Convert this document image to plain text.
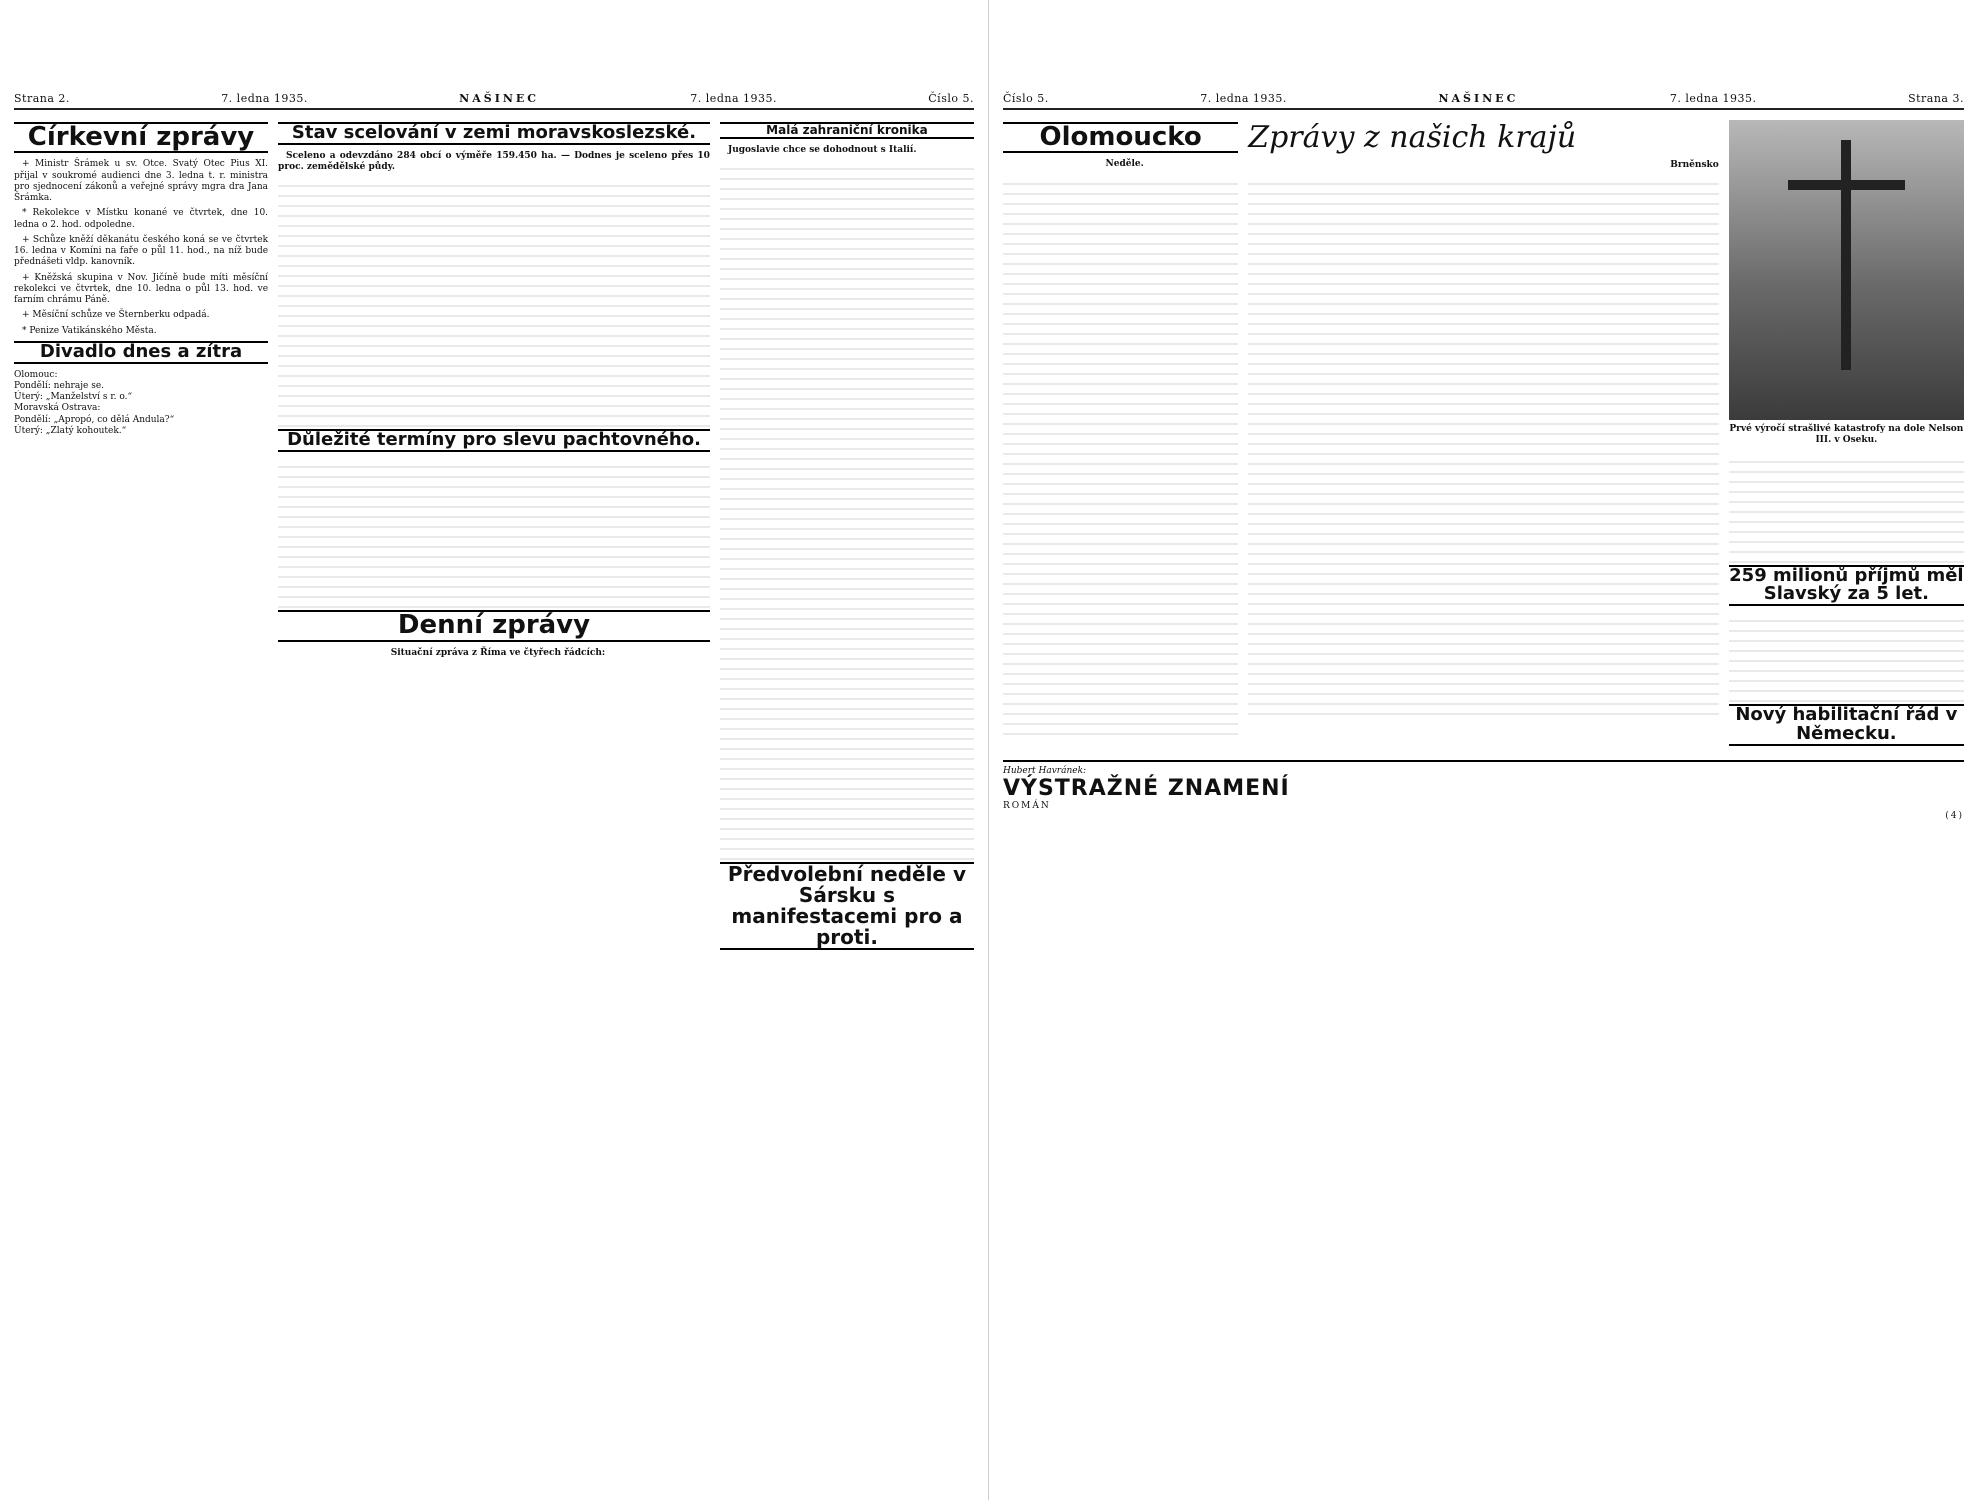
Strana 2.	7. ledna 1935.	NAŠINEC	7. ledna 1935.	Číslo 5.
Církevní zprávy

+ Ministr Šrámek u sv. Otce. Svatý Otec Pius XI. přijal v soukromé audienci dne 3. ledna t. r. ministra pro sjednocení zákonů a veřejné správy mgra dra Jana Šrámka.

* Rekolekce v Místku konané ve čtvrtek, dne 10. ledna o 2. hod. odpoledne.

+ Schůze kněží děkanátu českého koná se ve čtvrtek 16. ledna v Komíni na faře o půl 11. hod., na níž bude přednášeti vldp. kanovník.

+ Kněžská skupina v Nov. Jičíně bude míti měsíční rekolekci ve čtvrtek, dne 10. ledna o půl 13. hod. ve farním chrámu Páně.

+ Měsíční schůze ve Šternberku odpadá.

* Penize Vatikánského Města.

Divadlo dnes a zítra
Olomouc:
Pondělí: nehraje se.
Úterý: „Manželství s r. o.“
Moravská Ostrava:
Pondělí: „Apropó, co dělá Andula?“
Úterý: „Zlatý kohoutek.“
Stav scelování v zemi moravskoslezské.

Sceleno a odevzdáno 284 obcí o výměře 159.450 ha. — Dodnes je sceleno přes 10 proc. zemědělské půdy.

Důležité termíny pro slevu pachtovného.
Denní zprávy

Situační zpráva z Říma ve čtyřech řádcích:

Malá zahraniční kronika

Jugoslavie chce se dohodnout s Italií.

Předvolební neděle v Sársku s manifestacemi pro a proti.
Číslo 5.	7. ledna 1935.	NAŠINEC	7. ledna 1935.	Strana 3.
Olomoucko

Neděle.

Zprávy z našich krajů

Brněnsko

Prvé výročí strašlivé katastrofy na dole Nelson III. v Oseku.
259 milionů příjmů měl Slavský za 5 let.
Nový habilitační řád v Německu.
Hubert Havránek:
VÝSTRAŽNÉ ZNAMENÍ
ROMÁN
(4)
